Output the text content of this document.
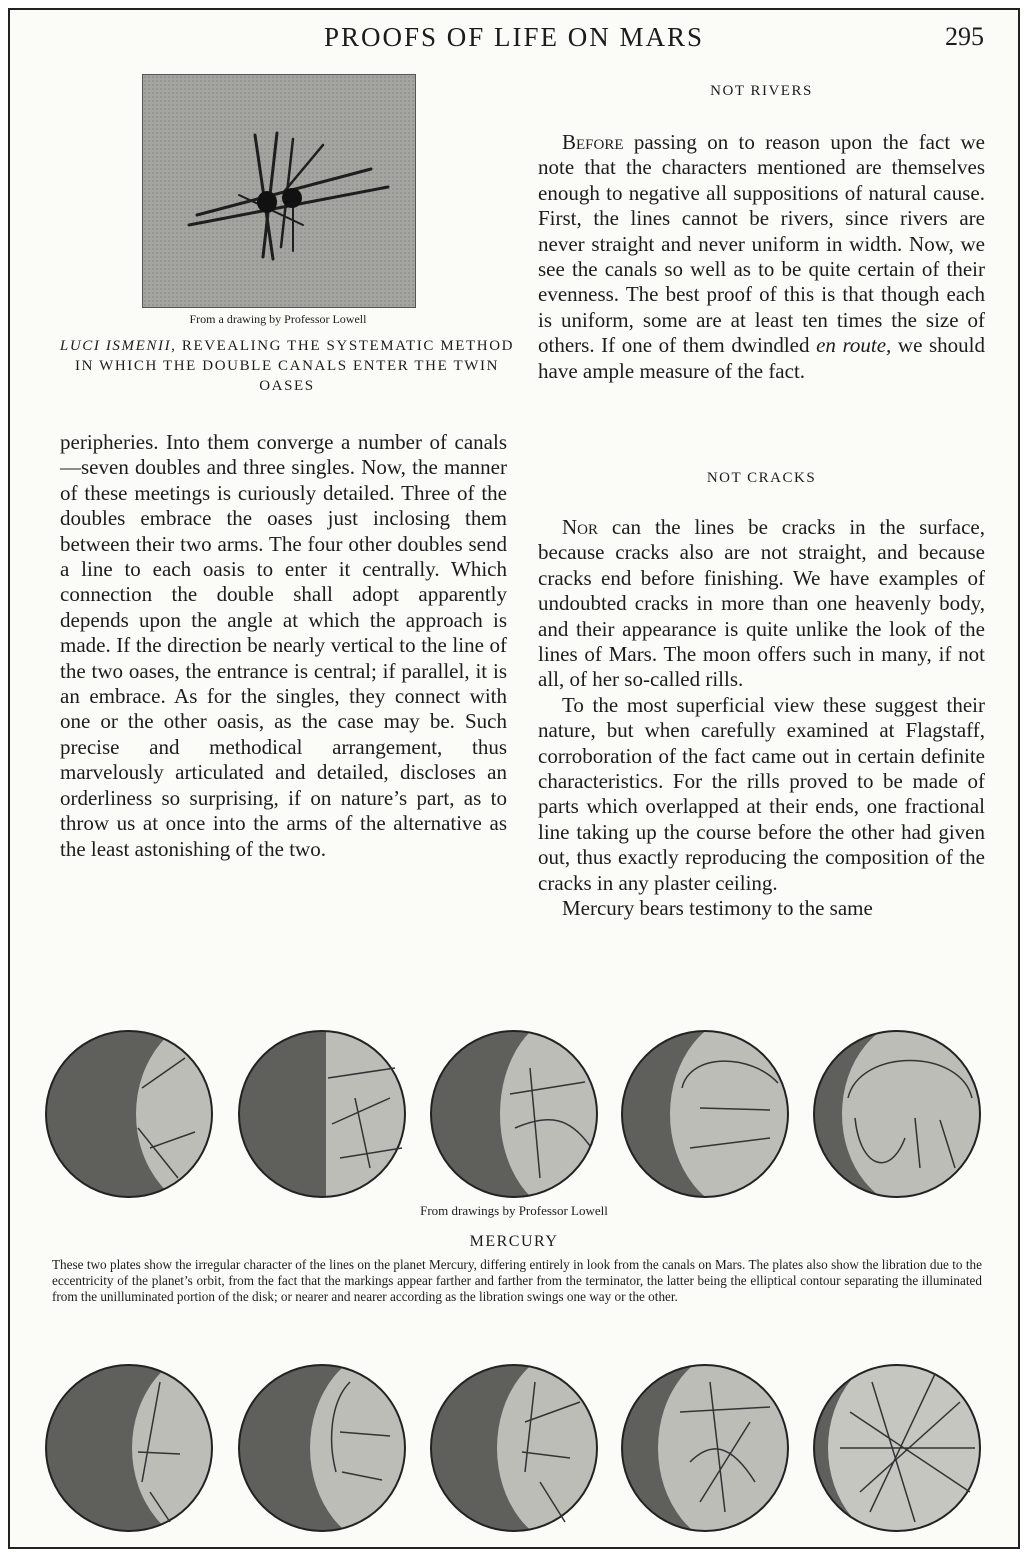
PROOFS OF LIFE ON MARS	295
From a drawing by Professor Lowell
LUCI ISMENII, REVEALING THE SYSTEMATIC METHOD IN WHICH THE DOUBLE CANALS ENTER THE TWIN OASES

peripheries. Into them converge a number of canals—seven doubles and three singles. Now, the manner of these meetings is curiously detailed. Three of the doubles embrace the oases just inclosing them between their two arms. The four other doubles send a line to each oasis to enter it centrally. Which connection the double shall adopt apparently depends upon the angle at which the approach is made. If the direction be nearly vertical to the line of the two oases, the entrance is central; if parallel, it is an embrace. As for the singles, they connect with one or the other oasis, as the case may be. Such precise and methodical arrangement, thus marvelously articulated and detailed, discloses an orderliness so surprising, if on nature’s part, as to throw us at once into the arms of the alternative as the least astonishing of the two.

NOT RIVERS

Before passing on to reason upon the fact we note that the characters mentioned are themselves enough to negative all suppositions of natural cause. First, the lines cannot be rivers, since rivers are never straight and never uniform in width. Now, we see the canals so well as to be quite certain of their evenness. The best proof of this is that though each is uniform, some are at least ten times the size of others. If one of them dwindled en route, we should have ample measure of the fact.

NOT CRACKS

Nor can the lines be cracks in the surface, because cracks also are not straight, and because cracks end before finishing. We have examples of undoubted cracks in more than one heavenly body, and their appearance is quite unlike the look of the lines of Mars. The moon offers such in many, if not all, of her so-called rills.

To the most superficial view these suggest their nature, but when carefully examined at Flagstaff, corroboration of the fact came out in certain definite characteristics. For the rills proved to be made of parts which overlapped at their ends, one fractional line taking up the course before the other had given out, thus exactly reproducing the composition of the cracks in any plaster ceiling.

Mercury bears testimony to the same

From drawings by Professor Lowell
MERCURY
These two plates show the irregular character of the lines on the planet Mercury, differing entirely in look from the canals on Mars. The plates also show the libration due to the eccentricity of the planet’s orbit, from the fact that the markings appear farther and farther from the terminator, the latter being the elliptical contour separating the illuminated from the unilluminated portion of the disk; or nearer and nearer according as the libration swings one way or the other.
